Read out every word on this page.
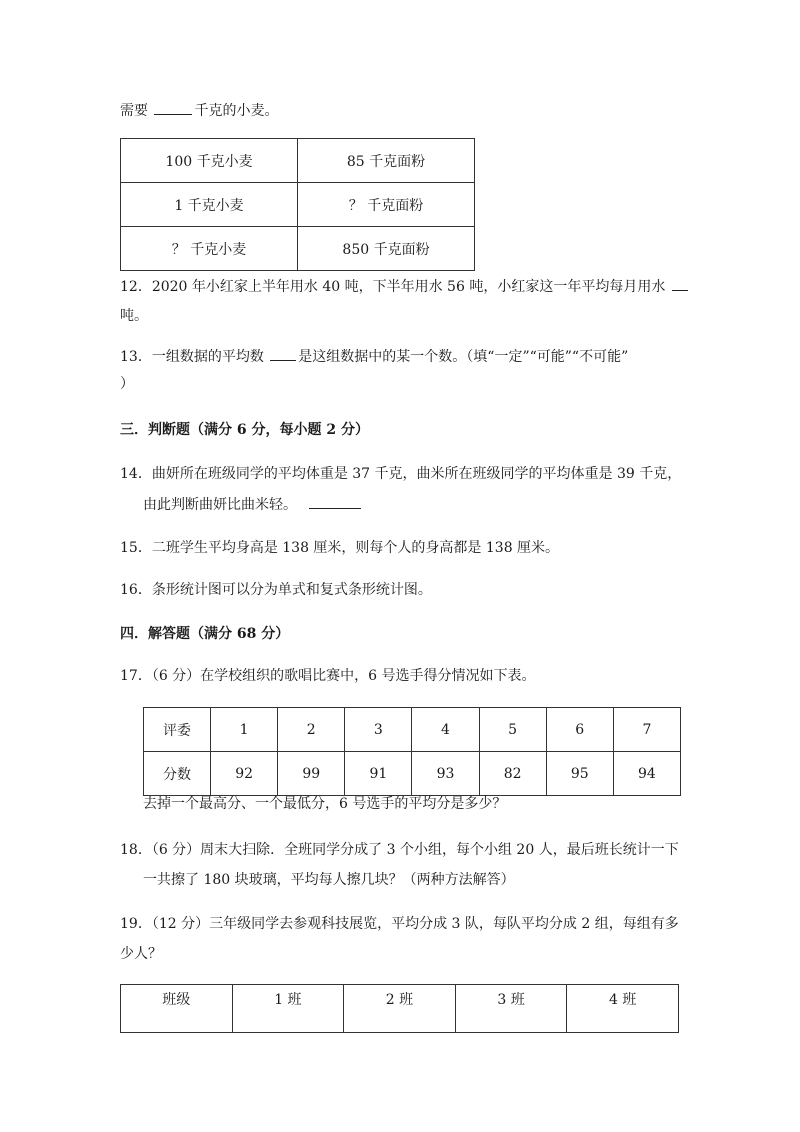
需要	千克的小麦。
100 千克小麦	85 千克面粉
1 千克小麦	？ 千克面粉
？ 千克小麦	850 千克面粉
12．2020 年小红家上半年用水 40 吨，下半年用水 56 吨，小红家这一年平均每月用水
吨。
13．一组数据的平均数 是这组数据中的某一个数。（填“一定”“可能”“不可能”
）
三．判断题（满分 6 分，每小题 2 分）
14．曲妍所在班级同学的平均体重是 37 千克，曲米所在班级同学的平均体重是 39 千克，
由此判断曲妍比曲米轻。
15．二班学生平均身高是 138 厘米，则每个人的身高都是 138 厘米。
16．条形统计图可以分为单式和复式条形统计图。
四．解答题（满分 68 分）
17．（6 分）在学校组织的歌唱比赛中，6 号选手得分情况如下表。
评委	1	2	3	4	5	6	7
分数	92	99	91	93	82	95	94
去掉一个最高分、一个最低分，6 号选手的平均分是多少？
18．（6 分）周末大扫除．全班同学分成了 3 个小组，每个小组 20 人，最后班长统计一下
一共擦了 180 块玻璃，平均每人擦几块？（两种方法解答）
19．（12 分）三年级同学去参观科技展览，平均分成 3 队，每队平均分成 2 组，每组有多
少人？
班级	1 班	2 班	3 班	4 班
